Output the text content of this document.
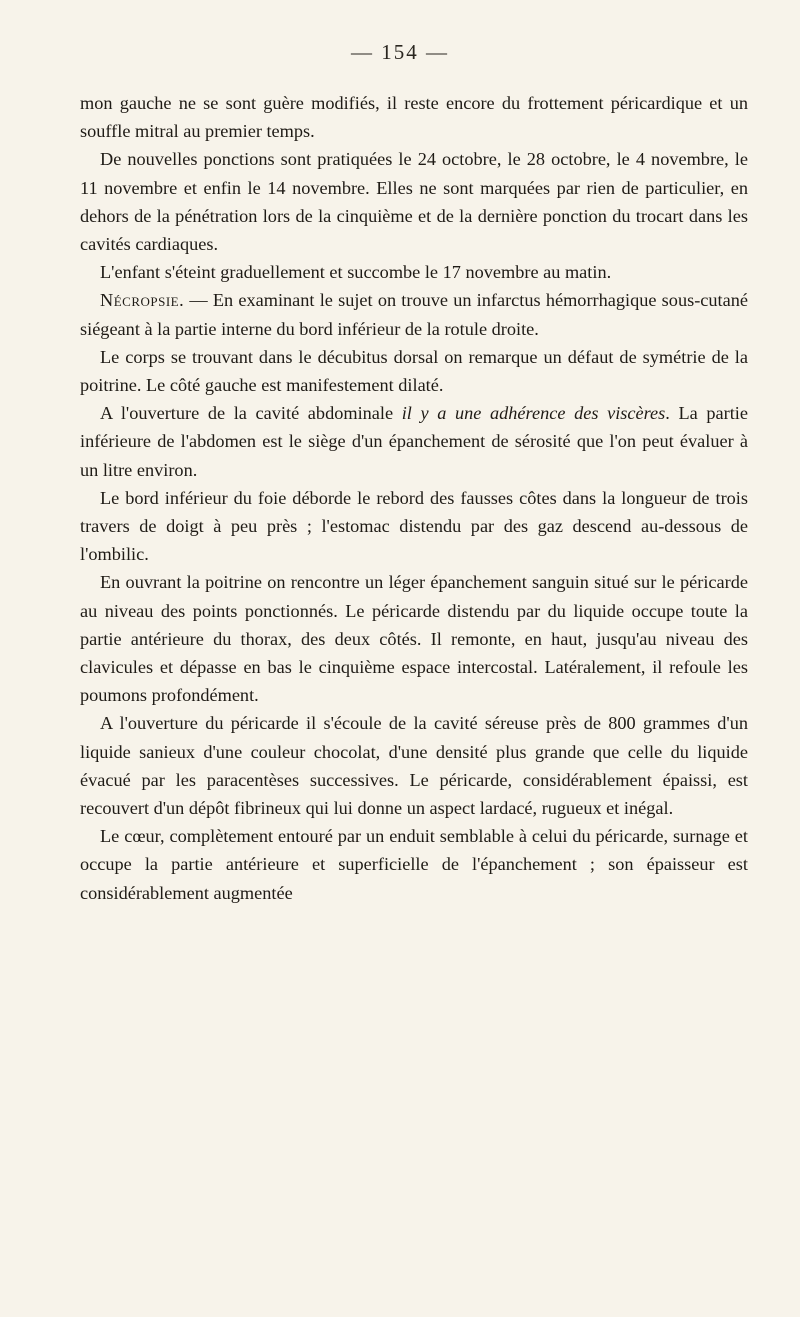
— 154 —

mon gauche ne se sont guère modifiés, il reste encore du frottement péricardique et un souffle mitral au premier temps.

De nouvelles ponctions sont pratiquées le 24 octobre, le 28 octobre, le 4 novembre, le 11 novembre et enfin le 14 novembre. Elles ne sont marquées par rien de particulier, en dehors de la pénétration lors de la cinquième et de la dernière ponction du trocart dans les cavités cardiaques.

L'enfant s'éteint graduellement et succombe le 17 novembre au matin.

Nécropsie. — En examinant le sujet on trouve un infarctus hémorrhagique sous-cutané siégeant à la partie interne du bord inférieur de la rotule droite.

Le corps se trouvant dans le décubitus dorsal on remarque un défaut de symétrie de la poitrine. Le côté gauche est manifestement dilaté.

A l'ouverture de la cavité abdominale il y a une adhérence des viscères. La partie inférieure de l'abdomen est le siège d'un épanchement de sérosité que l'on peut évaluer à un litre environ.

Le bord inférieur du foie déborde le rebord des fausses côtes dans la longueur de trois travers de doigt à peu près ; l'estomac distendu par des gaz descend au-dessous de l'ombilic.

En ouvrant la poitrine on rencontre un léger épanchement sanguin situé sur le péricarde au niveau des points ponctionnés. Le péricarde distendu par du liquide occupe toute la partie antérieure du thorax, des deux côtés. Il remonte, en haut, jusqu'au niveau des clavicules et dépasse en bas le cinquième espace intercostal. Latéralement, il refoule les poumons profondément.

A l'ouverture du péricarde il s'écoule de la cavité séreuse près de 800 grammes d'un liquide sanieux d'une couleur chocolat, d'une densité plus grande que celle du liquide évacué par les paracentèses successives. Le péricarde, considérablement épaissi, est recouvert d'un dépôt fibrineux qui lui donne un aspect lardacé, rugueux et inégal.

Le cœur, complètement entouré par un enduit semblable à celui du péricarde, surnage et occupe la partie antérieure et superficielle de l'épanchement ; son épaisseur est considérablement augmentée
